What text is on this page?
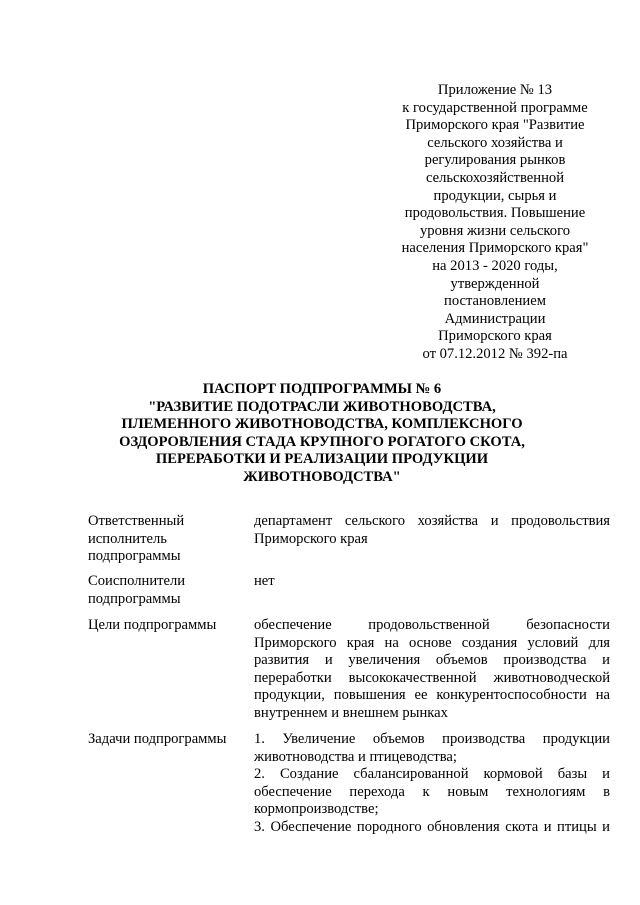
Приложение № 13
к государственной программе
Приморского края "Развитие
сельского хозяйства и
регулирования рынков
сельскохозяйственной
продукции, сырья и
продовольствия. Повышение
уровня жизни сельского
населения Приморского края"
на 2013 - 2020 годы,
утвержденной
постановлением
Администрации
Приморского края
от 07.12.2012 № 392-па
ПАСПОРТ ПОДПРОГРАММЫ № 6
"РАЗВИТИЕ ПОДОТРАСЛИ ЖИВОТНОВОДСТВА,
ПЛЕМЕННОГО ЖИВОТНОВОДСТВА, КОМПЛЕКСНОГО
ОЗДОРОВЛЕНИЯ СТАДА КРУПНОГО РОГАТОГО СКОТА,
ПЕРЕРАБОТКИ И РЕАЛИЗАЦИИ ПРОДУКЦИИ
ЖИВОТНОВОДСТВА"
Ответственный
исполнитель
подпрограммы
департамент сельского хозяйства и продовольствия Приморского края
Соисполнители
подпрограммы
нет
Цели подпрограммы	обеспечение продовольственной безопасности Приморского края на основе создания условий для развития и увеличения объемов производства и переработки высококачественной животноводческой продукции, повышения ее конкурентоспособности на внутреннем и внешнем рынках
Задачи подпрограммы	1. Увеличение объемов производства продукции животноводства и птицеводства;

2. Создание сбалансированной кормовой базы и обеспечение перехода к новым технологиям в кормопроизводстве;

3. Обеспечение породного обновления скота и птицы и
